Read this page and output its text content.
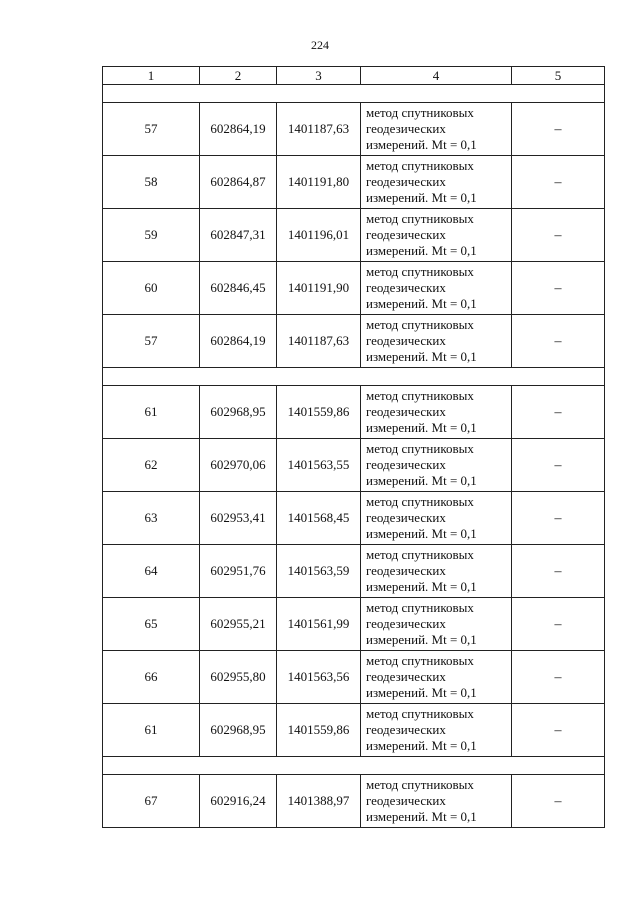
224
1	2	3	4	5

57	602864,19	1401187,63	метод спутниковых
геодезических
измерений. Mt = 0,1	–
58	602864,87	1401191,80	метод спутниковых
геодезических
измерений. Mt = 0,1	–
59	602847,31	1401196,01	метод спутниковых
геодезических
измерений. Mt = 0,1	–
60	602846,45	1401191,90	метод спутниковых
геодезических
измерений. Mt = 0,1	–
57	602864,19	1401187,63	метод спутниковых
геодезических
измерений. Mt = 0,1	–

61	602968,95	1401559,86	метод спутниковых
геодезических
измерений. Mt = 0,1	–
62	602970,06	1401563,55	метод спутниковых
геодезических
измерений. Mt = 0,1	–
63	602953,41	1401568,45	метод спутниковых
геодезических
измерений. Mt = 0,1	–
64	602951,76	1401563,59	метод спутниковых
геодезических
измерений. Mt = 0,1	–
65	602955,21	1401561,99	метод спутниковых
геодезических
измерений. Mt = 0,1	–
66	602955,80	1401563,56	метод спутниковых
геодезических
измерений. Mt = 0,1	–
61	602968,95	1401559,86	метод спутниковых
геодезических
измерений. Mt = 0,1	–

67	602916,24	1401388,97	метод спутниковых
геодезических
измерений. Mt = 0,1	–
